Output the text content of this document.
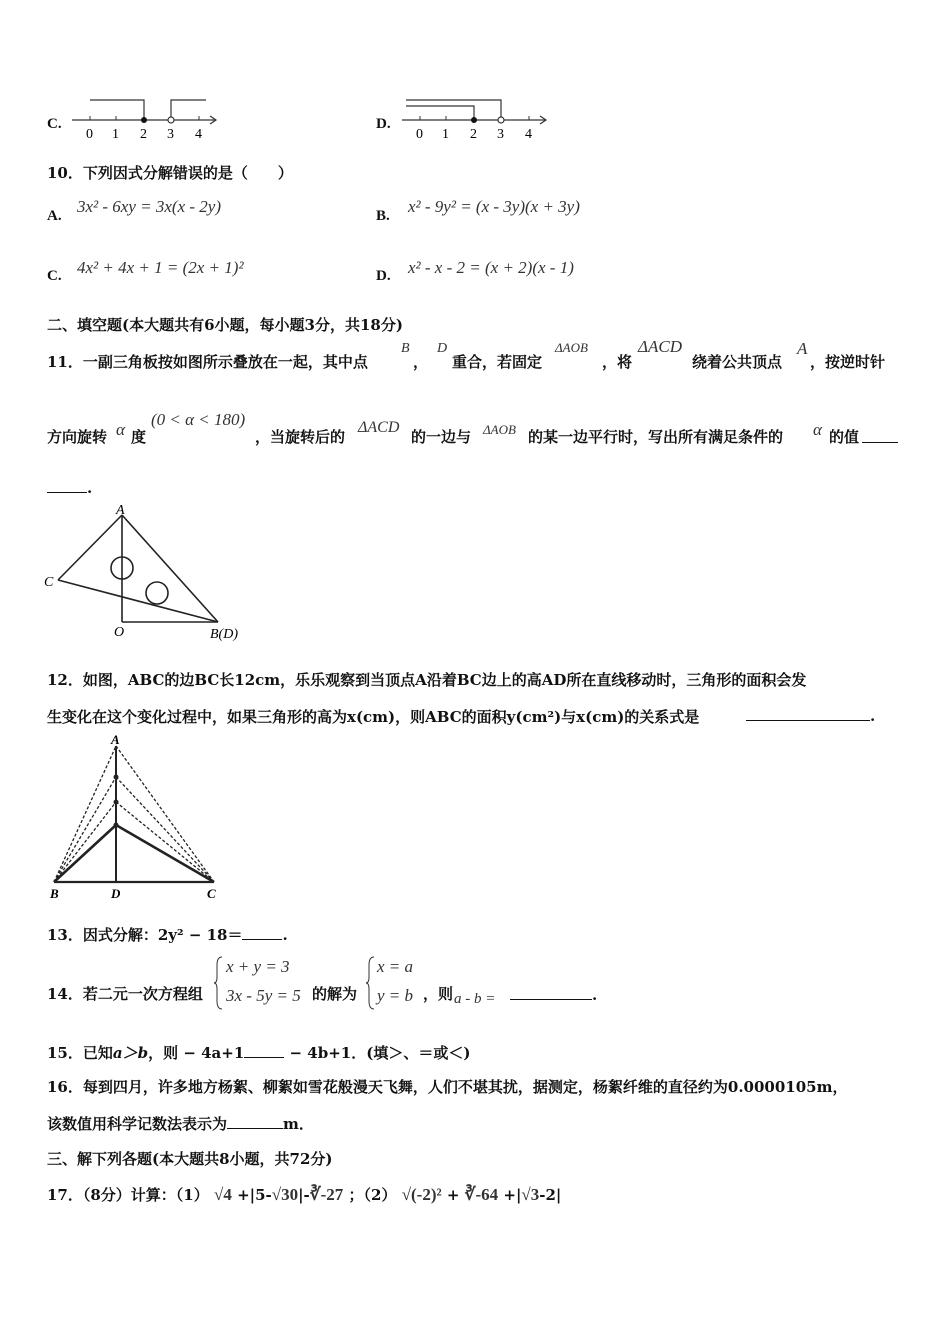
C.
0 1 2 3 4
D.
0 1 2 3 4
10．下列因式分解错误的是（　　）
A. 3x² - 6xy = 3x(x - 2y)	B. x² - 9y² = (x - 3y)(x + 3y)
C. 4x² + 4x + 1 = (2x + 1)²	D. x² - x - 2 = (x + 2)(x - 1)
二、填空题(本大题共有6小题，每小题3分，共18分)
11．一副三角板按如图所示叠放在一起，其中点
B
，
D
重合，若固定
ΔAOB
，将
ΔACD
绕着公共顶点
A
，按逆时针
方向旋转 α 度
(0 < α < 180)
，当旋转后的
ΔACD
的一边与 ΔAOB 的某一边平行时，写出所有满足条件的 α 的值
.
A
C
O	B(D)
12．如图，ABC的边BC长12cm，乐乐观察到当顶点A沿着BC边上的高AD所在直线移动时，三角形的面积会发
生变化在这个变化过程中，如果三角形的高为x(cm)，则ABC的面积y(cm²)与x(cm)的关系式是	.
A
B	D	C
13．因式分解：2y² − 18＝	.
14．若二元一次方程组
x + y = 3
3x - 5y = 5 的解为
x = a
y = b ，则 a - b =	.
15．已知a＞b，则 − 4a+1	− 4b+1．(填＞、＝或＜)
16．每到四月，许多地方杨絮、柳絮如雪花般漫天飞舞，人们不堪其扰，据测定，杨絮纤维的直径约为0.0000105m，
该数值用科学记数法表示为	m．
三、解下列各题(本大题共8小题，共72分)
17．（8分）计算：（1） √4 +|5-√30|-∛-27 ；（2） √(-2)² + ∛-64 +|√3-2|
